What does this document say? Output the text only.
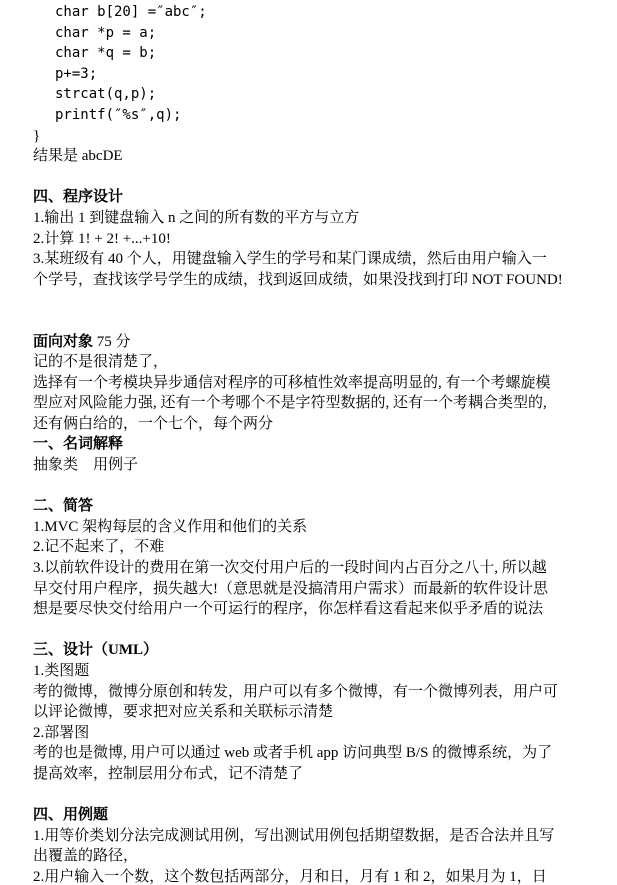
char b[20] =″abc″;
char *p = a;
char *q = b;
p+=3;
strcat(q,p);
printf(″%s″,q);
}
结果是 abcDE

四、程序设计
1.输出 1 到键盘输入 n 之间的所有数的平方与立方
2.计算 1! + 2! +...+10!
3.某班级有 40 个人，用键盘输入学生的学号和某门课成绩，然后由用户输入一
个学号，查找该学号学生的成绩，找到返回成绩，如果没找到打印 NOT FOUND!

面向对象 75 分
记的不是很清楚了，
选择有一个考模块异步通信对程序的可移植性效率提高明显的, 有一个考螺旋模
型应对风险能力强, 还有一个考哪个不是字符型数据的, 还有一个考耦合类型的,
还有俩白给的，一个七个，每个两分
一、名词解释
抽象类    用例子

二、简答
1.MVC 架构每层的含义作用和他们的关系
2.记不起来了，不难
3.以前软件设计的费用在第一次交付用户后的一段时间内占百分之八十, 所以越
早交付用户程序，损失越大!（意思就是没搞清用户需求）而最新的软件设计思
想是要尽快交付给用户一个可运行的程序，你怎样看这看起来似乎矛盾的说法

三、设计（UML）
1.类图题
考的微博，微博分原创和转发，用户可以有多个微博，有一个微博列表，用户可
以评论微博，要求把对应关系和关联标示清楚
2.部署图
考的也是微博, 用户可以通过 web 或者手机 app 访问典型 B/S 的微博系统，为了
提高效率，控制层用分布式，记不清楚了

四、用例题
1.用等价类划分法完成测试用例，写出测试用例包括期望数据，是否合法并且写
出覆盖的路径，
2.用户输入一个数，这个数包括两部分，月和日，月有 1 和 2，如果月为 1，日
